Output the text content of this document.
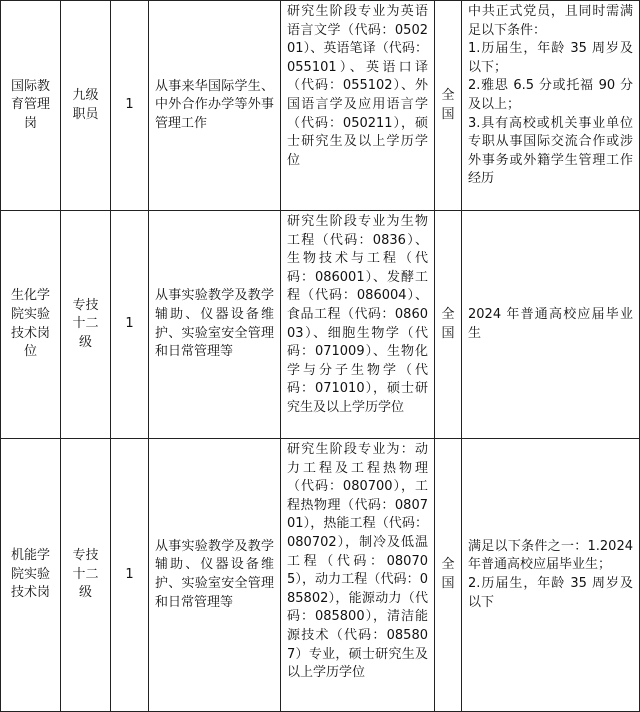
国际教育管理岗	九级职员	1	从事来华国际学生、中外合作办学等外事管理工作	研究生阶段专业为英语语言文学（代码：050201）、英语笔译（代码：055101）、英语口译（代码：055102）、外国语言学及应用语言学（代码：050211），硕士研究生及以上学历学位	全国	中共正式党员，且同时需满足以下条件：
1.历届生，年龄 35 周岁及以下；
2.雅思 6.5 分或托福 90 分及以上；
3.具有高校或机关事业单位专职从事国际交流合作或涉外事务或外籍学生管理工作经历

生化学院实验技术岗位	专技十二级	1	从事实验教学及教学辅助、仪器设备维护、实验室安全管理和日常管理等	研究生阶段专业为生物工程（代码：0836）、生物技术与工程（代码：086001）、发酵工程（代码：086004）、食品工程（代码：086003）、细胞生物学（代码：071009）、生物化学与分子生物学（代码：071010），硕士研究生及以上学历学位	全国	2024 年普通高校应届毕业生

机能学院实验技术岗	专技十二级	1	从事实验教学及教学辅助、仪器设备维护、实验室安全管理和日常管理等	研究生阶段专业为：动力工程及工程热物理（代码：080700），工程热物理（代码：080701），热能工程（代码：080702），制冷及低温工程（代码：080705），动力工程（代码：085802），能源动力（代码：085800），清洁能源技术（代码：085807）专业，硕士研究生及以上学历学位	全国	满足以下条件之一：1.2024 年普通高校应届毕业生；
2.历届生，年龄 35 周岁及以下
